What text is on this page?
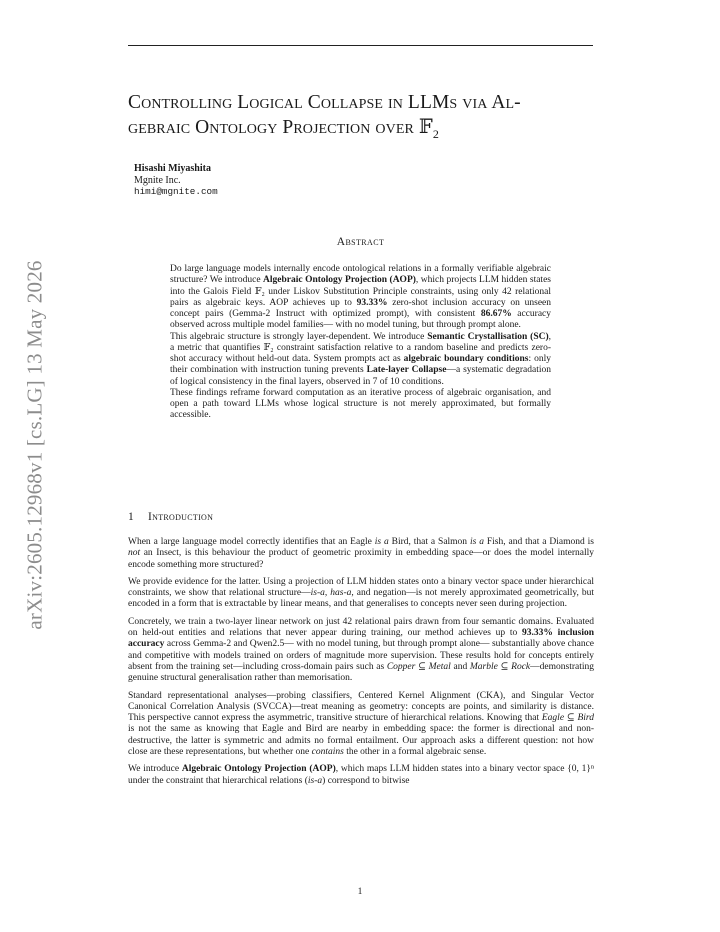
Controlling Logical Collapse in LLMs via Al-
gebraic Ontology Projection over 𝔽$_2$
Hisashi Miyashita
Mgnite Inc.
himi@mgnite.com
Abstract

Do large language models internally encode ontological relations in a formally verifiable algebraic structure? We introduce Algebraic Ontology Projection (AOP), which projects LLM hidden states into the Galois Field 𝔽₂ under Liskov Substitution Principle constraints, using only 42 relational pairs as algebraic keys. AOP achieves up to 93.33% zero-shot inclusion accuracy on unseen concept pairs (Gemma-2 Instruct with optimized prompt), with consistent 86.67% accuracy observed across multiple model families— with no model tuning, but through prompt alone.

This algebraic structure is strongly layer-dependent. We introduce Semantic Crystallisation (SC), a metric that quantifies 𝔽₂ constraint satisfaction relative to a random baseline and predicts zero-shot accuracy without held-out data. System prompts act as algebraic boundary conditions: only their combination with instruction tuning prevents Late-layer Collapse—a systematic degradation of logical consistency in the final layers, observed in 7 of 10 conditions.

These findings reframe forward computation as an iterative process of algebraic organisation, and open a path toward LLMs whose logical structure is not merely approximated, but formally accessible.

1 Introduction

When a large language model correctly identifies that an Eagle is a Bird, that a Salmon is a Fish, and that a Diamond is not an Insect, is this behaviour the product of geometric proximity in embedding space—or does the model internally encode something more structured?

We provide evidence for the latter. Using a projection of LLM hidden states onto a binary vector space under hierarchical constraints, we show that relational structure—is-a, has-a, and negation—is not merely approximated geometrically, but encoded in a form that is extractable by linear means, and that generalises to concepts never seen during projection.

Concretely, we train a two-layer linear network on just 42 relational pairs drawn from four semantic domains. Evaluated on held-out entities and relations that never appear during training, our method achieves up to 93.33% inclusion accuracy across Gemma-2 and Qwen2.5— with no model tuning, but through prompt alone— substantially above chance and competitive with models trained on orders of magnitude more supervision. These results hold for concepts entirely absent from the training set—including cross-domain pairs such as Copper ⊆ Metal and Marble ⊆ Rock—demonstrating genuine structural generalisation rather than memorisation.

Standard representational analyses—probing classifiers, Centered Kernel Alignment (CKA), and Singular Vector Canonical Correlation Analysis (SVCCA)—treat meaning as geometry: concepts are points, and similarity is distance. This perspective cannot express the asymmetric, transitive structure of hierarchical relations. Knowing that Eagle ⊆ Bird is not the same as knowing that Eagle and Bird are nearby in embedding space: the former is directional and non-destructive, the latter is symmetric and admits no formal entailment. Our approach asks a different question: not how close are these representations, but whether one contains the other in a formal algebraic sense.

We introduce Algebraic Ontology Projection (AOP), which maps LLM hidden states into a binary vector space {0, 1}ⁿ under the constraint that hierarchical relations (is-a) correspond to bitwise

arXiv:2605.12968v1 [cs.LG] 13 May 2026
1
